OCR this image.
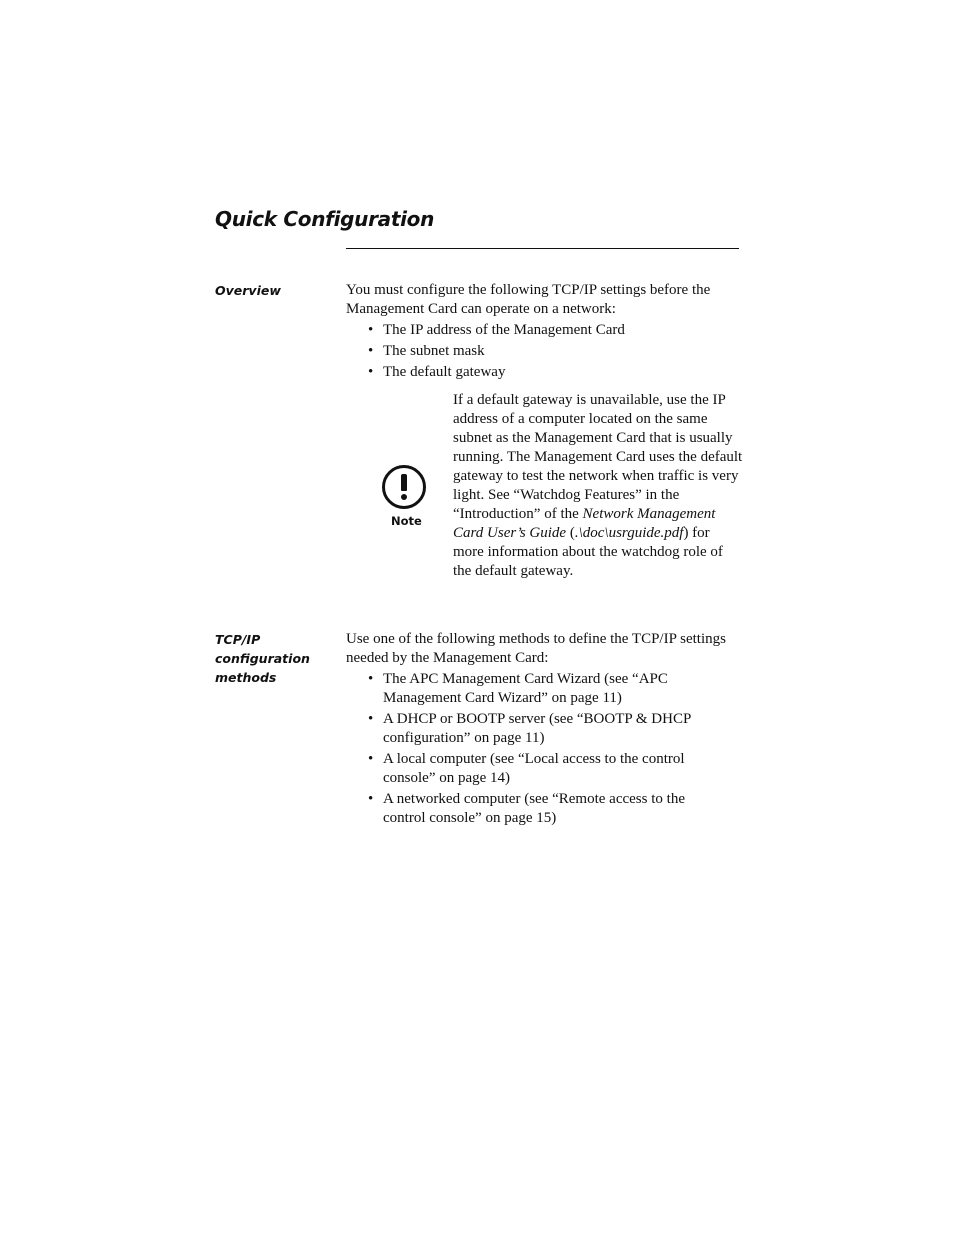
Quick Configuration
Overview	You must configure the following TCP/IP settings before the Management Card can operate on a network:

• The IP address of the Management Card
• The subnet mask
• The default gateway
Note

If a default gateway is unavailable, use the IP address of a computer located on the same subnet as the Management Card that is usually running. The Management Card uses the default gateway to test the network when traffic is very light. See “Watchdog Features” in the “Introduction” of the Network Management Card User’s Guide (.\doc\usrguide.pdf) for more information about the watchdog role of the default gateway.

TCP/IP configuration methods

Use one of the following methods to define the TCP/IP settings needed by the Management Card:

• The APC Management Card Wizard (see “APC Management Card Wizard” on page 11)
• A DHCP or BOOTP server (see “BOOTP & DHCP configuration” on page 11)
• A local computer (see “Local access to the control console” on page 14)
• A networked computer (see “Remote access to the control console” on page 15)
